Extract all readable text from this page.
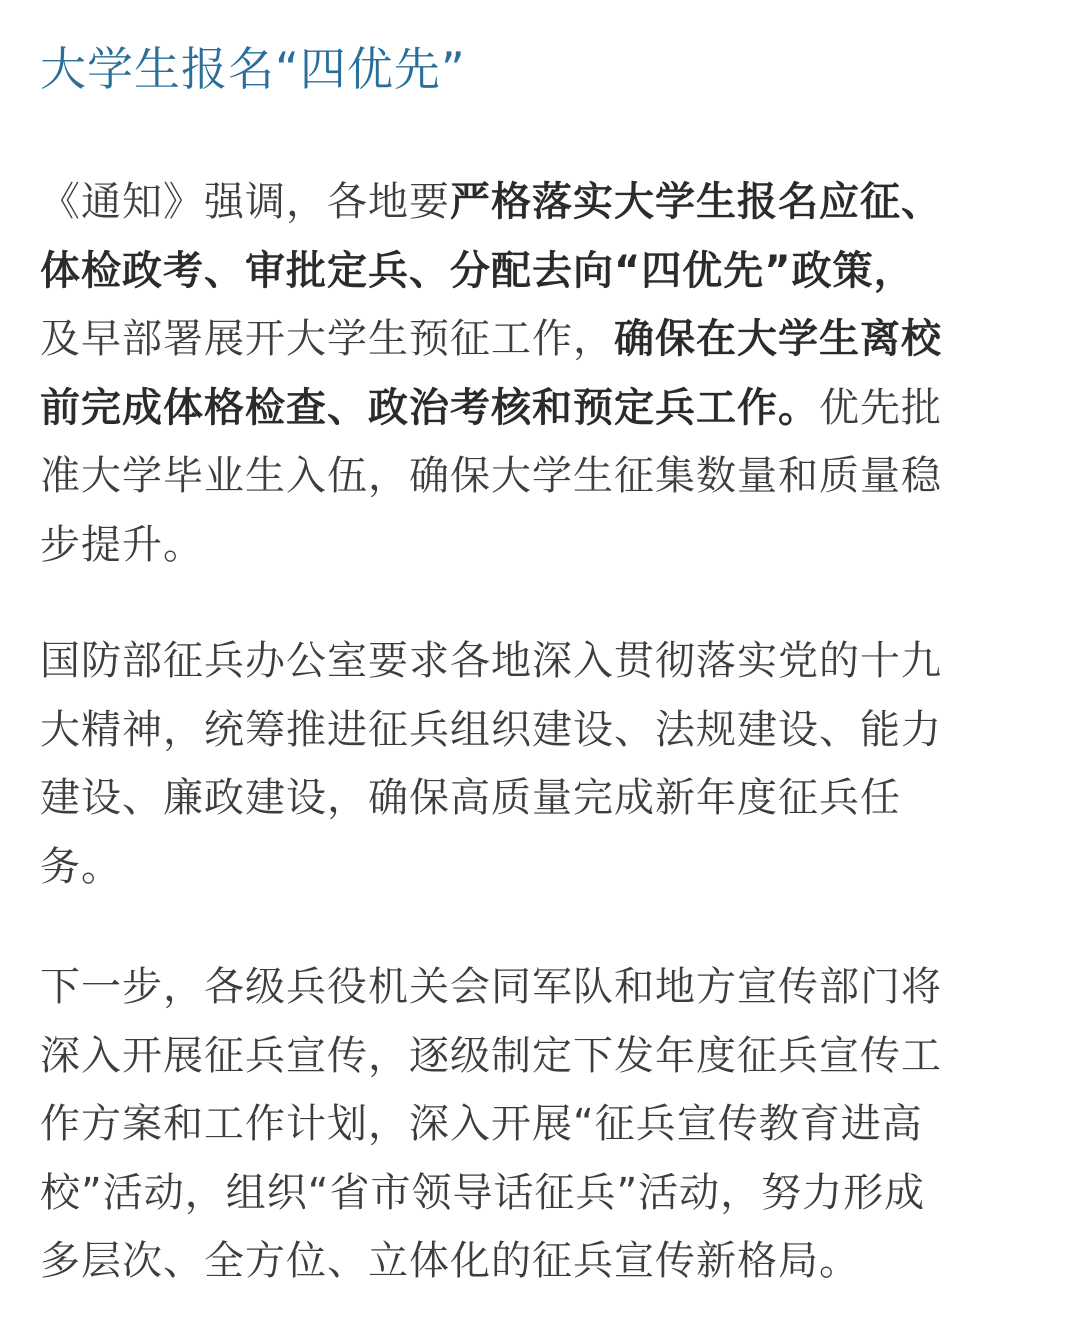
大学生报名“四优先”

《通知》强调，各地要严格落实大学生报名应征、
体检政考、审批定兵、分配去向“四优先”政策，
及早部署展开大学生预征工作，确保在大学生离校
前完成体格检查、政治考核和预定兵工作。优先批
准大学毕业生入伍，确保大学生征集数量和质量稳
步提升。

国防部征兵办公室要求各地深入贯彻落实党的十九
大精神，统筹推进征兵组织建设、法规建设、能力
建设、廉政建设，确保高质量完成新年度征兵任
务。

下一步，各级兵役机关会同军队和地方宣传部门将
深入开展征兵宣传，逐级制定下发年度征兵宣传工
作方案和工作计划，深入开展“征兵宣传教育进高
校”活动，组织“省市领导话征兵”活动，努力形成
多层次、全方位、立体化的征兵宣传新格局。
